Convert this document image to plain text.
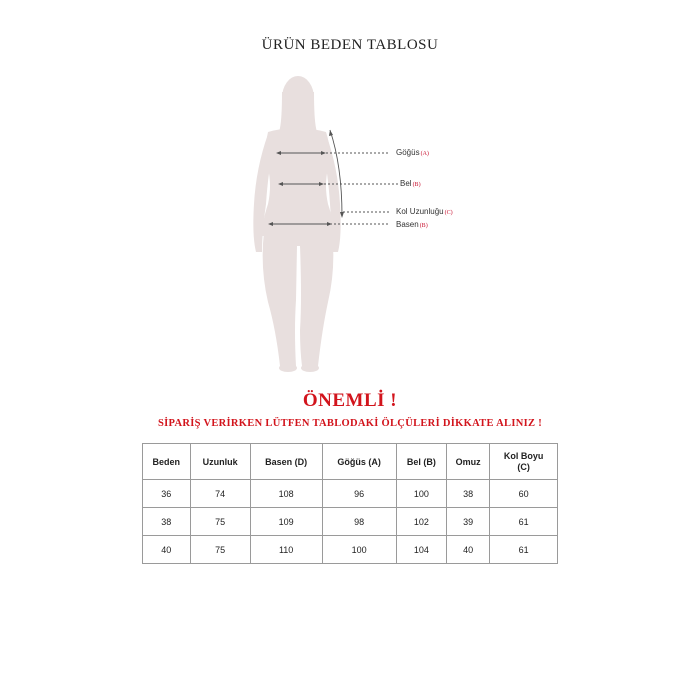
ÜRÜN BEDEN TABLOSU
Göğüs(A)
Bel(B)
Kol Uzunluğu(C)
Basen(B)
ÖNEMLİ !
SİPARİŞ VERİRKEN LÜTFEN TABLODAKİ ÖLÇÜLERİ DİKKATE ALINIZ !
Beden	Uzunluk	Basen (D)	Göğüs (A)	Bel (B)	Omuz	Kol Boyu
(C)
36	74	108	96	100	38	60
38	75	109	98	102	39	61
40	75	110	100	104	40	61
